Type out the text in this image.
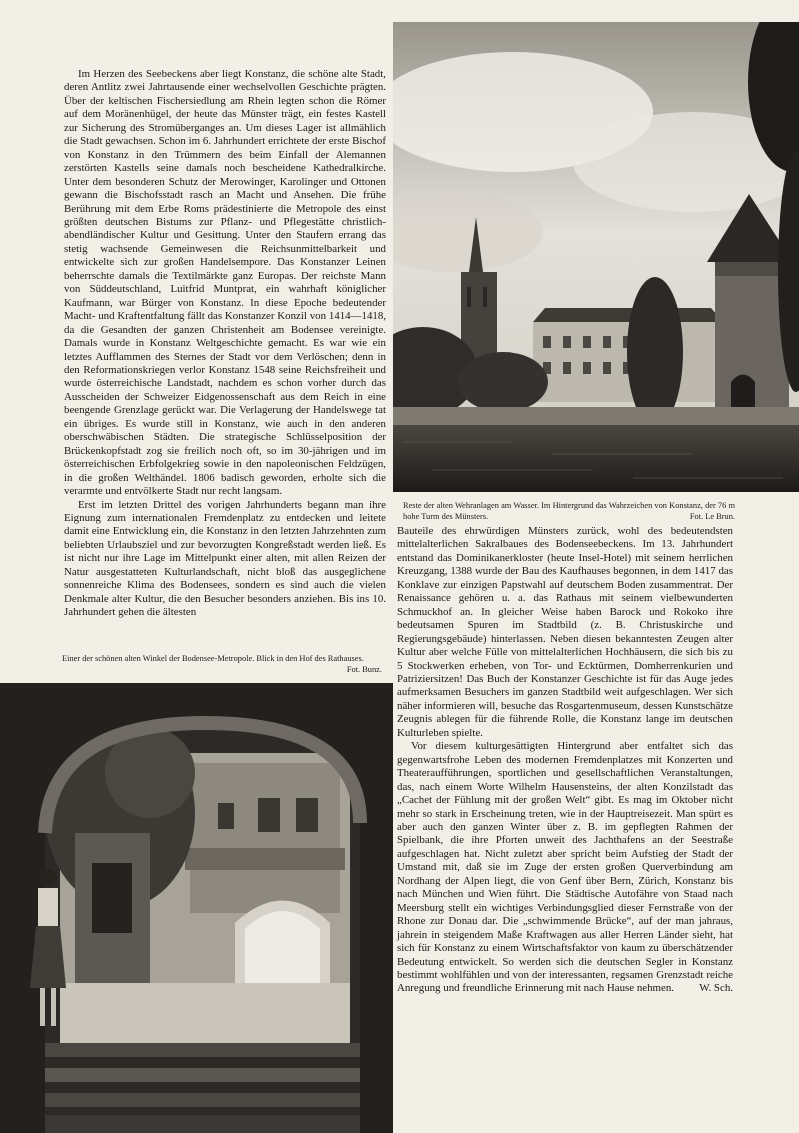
Im Herzen des Seebeckens aber liegt Konstanz, die schöne alte Stadt, deren Antlitz zwei Jahrtausende einer wechselvollen Geschichte prägten. Über der keltischen Fischersiedlung am Rhein legten schon die Römer auf dem Moränenhügel, der heute das Münster trägt, ein festes Kastell zur Sicherung des Stromüberganges an. Um dieses Lager ist allmählich die Stadt gewachsen. Schon im 6. Jahrhundert errichtete der erste Bischof von Konstanz in den Trümmern des beim Einfall der Alemannen zerstörten Kastells seine damals noch bescheidene Kathedralkirche. Unter dem besonderen Schutz der Merowinger, Karolinger und Ottonen gewann die Bischofsstadt rasch an Macht und Ansehen. Die frühe Berührung mit dem Erbe Roms prädestinierte die Metropole des einst größten deutschen Bistums zur Pflanz- und Pflegestätte christlich-abendländischer Kultur und Gesittung. Unter den Staufern errang das stetig wachsende Gemeinwesen die Reichsunmittelbarkeit und entwickelte sich zur großen Handelsempore. Das Konstanzer Leinen beherrschte damals die Textilmärkte ganz Europas. Der reichste Mann von Süddeutschland, Luitfrid Muntprat, ein wahrhaft königlicher Kaufmann, war Bürger von Konstanz. In diese Epoche bedeutender Macht- und Kraftentfaltung fällt das Konstanzer Konzil von 1414—1418, da die Gesandten der ganzen Christenheit am Bodensee vereinigte. Damals wurde in Konstanz Weltgeschichte gemacht. Es war wie ein letztes Aufflammen des Sternes der Stadt vor dem Verlöschen; denn in den Reformationskriegen verlor Konstanz 1548 seine Reichsfreiheit und wurde österreichische Landstadt, nachdem es schon vorher durch das Ausscheiden der Schweizer Eidgenossenschaft aus dem Reich in eine beengende Grenzlage gerückt war. Die Verlagerung der Handelswege tat ein übriges. Es wurde still in Konstanz, wie auch in den anderen oberschwäbischen Städten. Die strategische Schlüsselposition der Brückenkopfstadt zog sie freilich noch oft, so im 30-jährigen und im österreichischen Erbfolgekrieg sowie in den napoleonischen Feldzügen, in die großen Welthändel. 1806 badisch geworden, erholte sich die verarmte und entvölkerte Stadt nur recht langsam.

Erst im letzten Drittel des vorigen Jahrhunderts begann man ihre Eignung zum internationalen Fremdenplatz zu entdecken und leitete damit eine Entwicklung ein, die Konstanz in den letzten Jahrzehnten zum beliebten Urlaubsziel und zur bevorzugten Kongreßstadt werden ließ. Es ist nicht nur ihre Lage im Mittelpunkt einer alten, mit allen Reizen der Natur ausgestatteten Kulturlandschaft, nicht bloß das ausgeglichene sonnenreiche Klima des Bodensees, sondern es sind auch die vielen Denkmale alter Kultur, die den Besucher besonders anziehen. Bis ins 10. Jahrhundert gehen die ältesten

Reste der alten Wehranlagen am Wasser. Im Hintergrund das Wahrzeichen von Konstanz, der 76 m hohe Turm des Münsters.	Fot. Le Brun.
Einer der schönen alten Winkel der Bodensee-Metropole. Blick in den Hof des Rathauses.
Fot. Bunz.

Bauteile des ehrwürdigen Münsters zurück, wohl des bedeutendsten mittelalterlichen Sakralbaues des Bodenseebeckens. Im 13. Jahrhundert entstand das Dominikanerkloster (heute Insel-Hotel) mit seinem herrlichen Kreuzgang, 1388 wurde der Bau des Kaufhauses begonnen, in dem 1417 das Konklave zur einzigen Papstwahl auf deutschem Boden zusammentrat. Der Renaissance gehören u. a. das Rathaus mit seinem vielbewunderten Schmuckhof an. In gleicher Weise haben Barock und Rokoko ihre bedeutsamen Spuren im Stadtbild (z. B. Christuskirche und Regierungsgebäude) hinterlassen. Neben diesen bekanntesten Zeugen alter Kultur aber welche Fülle von mittelalterlichen Hochhäusern, die sich bis zu 5 Stockwerken erheben, von Tor- und Ecktürmen, Domherrenkurien und Patriziersitzen! Das Buch der Konstanzer Geschichte ist für das Auge jedes aufmerksamen Besuchers im ganzen Stadtbild weit aufgeschlagen. Wer sich näher informieren will, besuche das Rosgartenmuseum, dessen Kunstschätze Zeugnis ablegen für die führende Rolle, die Konstanz lange im deutschen Kulturleben spielte.

Vor diesem kulturgesättigten Hintergrund aber entfaltet sich das gegenwartsfrohe Leben des modernen Fremdenplatzes mit Konzerten und Theateraufführungen, sportlichen und gesellschaftlichen Veranstaltungen, das, nach einem Worte Wilhelm Hausensteins, der alten Konzilstadt das „Cachet der Fühlung mit der großen Welt“ gibt. Es mag im Oktober nicht mehr so stark in Erscheinung treten, wie in der Hauptreisezeit. Man spürt es aber auch den ganzen Winter über z. B. im gepflegten Rahmen der Spielbank, die ihre Pforten unweit des Jachthafens an der Seestraße aufgeschlagen hat. Nicht zuletzt aber spricht beim Aufstieg der Stadt der Umstand mit, daß sie im Zuge der ersten großen Querverbindung am Nordhang der Alpen liegt, die von Genf über Bern, Zürich, Konstanz bis nach München und Wien führt. Die Städtische Autofähre von Staad nach Meersburg stellt ein wichtiges Verbindungsglied dieser Fernstraße von der Rhone zur Donau dar. Die „schwimmende Brücke“, auf der man jahraus, jahrein in steigendem Maße Kraftwagen aus aller Herren Länder sieht, hat sich für Konstanz zu einem Wirtschaftsfaktor von kaum zu überschätzender Bedeutung entwickelt. So werden sich die deutschen Segler in Konstanz bestimmt wohlfühlen und von der interessanten, regsamen Grenzstadt reiche Anregung und freundliche Erinnerung mit nach Hause nehmen.	W. Sch.
